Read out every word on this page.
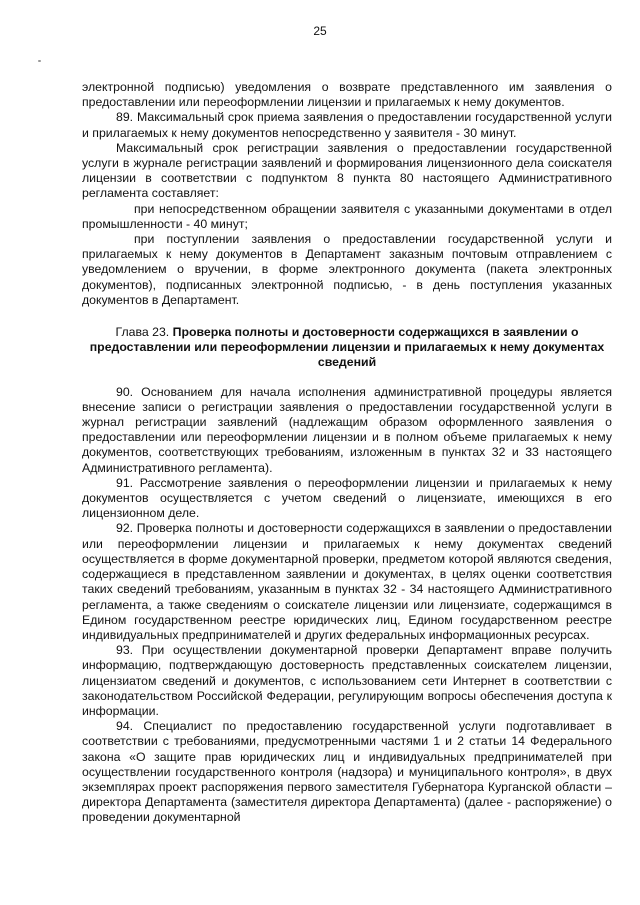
25

электронной подписью) уведомления о возврате представленного им заявления о предоставлении или переоформлении лицензии и прилагаемых к нему документов.

89. Максимальный срок приема заявления о предоставлении государственной услуги и прилагаемых к нему документов непосредственно у заявителя - 30 минут.

Максимальный срок регистрации заявления о предоставлении государственной услуги в журнале регистрации заявлений и формирования лицензионного дела соискателя лицензии в соответствии с подпунктом 8 пункта 80 настоящего Административного регламента составляет:

при непосредственном обращении заявителя с указанными документами в отдел промышленности - 40 минут;

при поступлении заявления о предоставлении государственной услуги и прилагаемых к нему документов в Департамент заказным почтовым отправлением с уведомлением о вручении, в форме электронного документа (пакета электронных документов), подписанных электронной подписью, - в день поступления указанных документов в Департамент.

Глава 23. Проверка полноты и достоверности содержащихся в заявлении о предоставлении или переоформлении лицензии и прилагаемых к нему документах сведений

90. Основанием для начала исполнения административной процедуры является внесение записи о регистрации заявления о предоставлении государственной услуги в журнал регистрации заявлений (надлежащим образом оформленного заявления о предоставлении или переоформлении лицензии и в полном объеме прилагаемых к нему документов, соответствующих требованиям, изложенным в пунктах 32 и 33 настоящего Административного регламента).

91. Рассмотрение заявления о переоформлении лицензии и прилагаемых к нему документов осуществляется с учетом сведений о лицензиате, имеющихся в его лицензионном деле.

92. Проверка полноты и достоверности содержащихся в заявлении о предоставлении или переоформлении лицензии и прилагаемых к нему документах сведений осуществляется в форме документарной проверки, предметом которой являются сведения, содержащиеся в представленном заявлении и документах, в целях оценки соответствия таких сведений требованиям, указанным в пунктах 32 - 34 настоящего Административного регламента, а также сведениям о соискателе лицензии или лицензиате, содержащимся в Едином государственном реестре юридических лиц, Едином государственном реестре индивидуальных предпринимателей и других федеральных информационных ресурсах.

93. При осуществлении документарной проверки Департамент вправе получить информацию, подтверждающую достоверность представленных соискателем лицензии, лицензиатом сведений и документов, с использованием сети Интернет в соответствии с законодательством Российской Федерации, регулирующим вопросы обеспечения доступа к информации.

94. Специалист по предоставлению государственной услуги подготавливает в соответствии с требованиями, предусмотренными частями 1 и 2 статьи 14 Федерального закона «О защите прав юридических лиц и индивидуальных предпринимателей при осуществлении государственного контроля (надзора) и муниципального контроля», в двух экземплярах проект распоряжения первого заместителя Губернатора Курганской области – директора Департамента (заместителя директора Департамента) (далее - распоряжение) о проведении документарной
